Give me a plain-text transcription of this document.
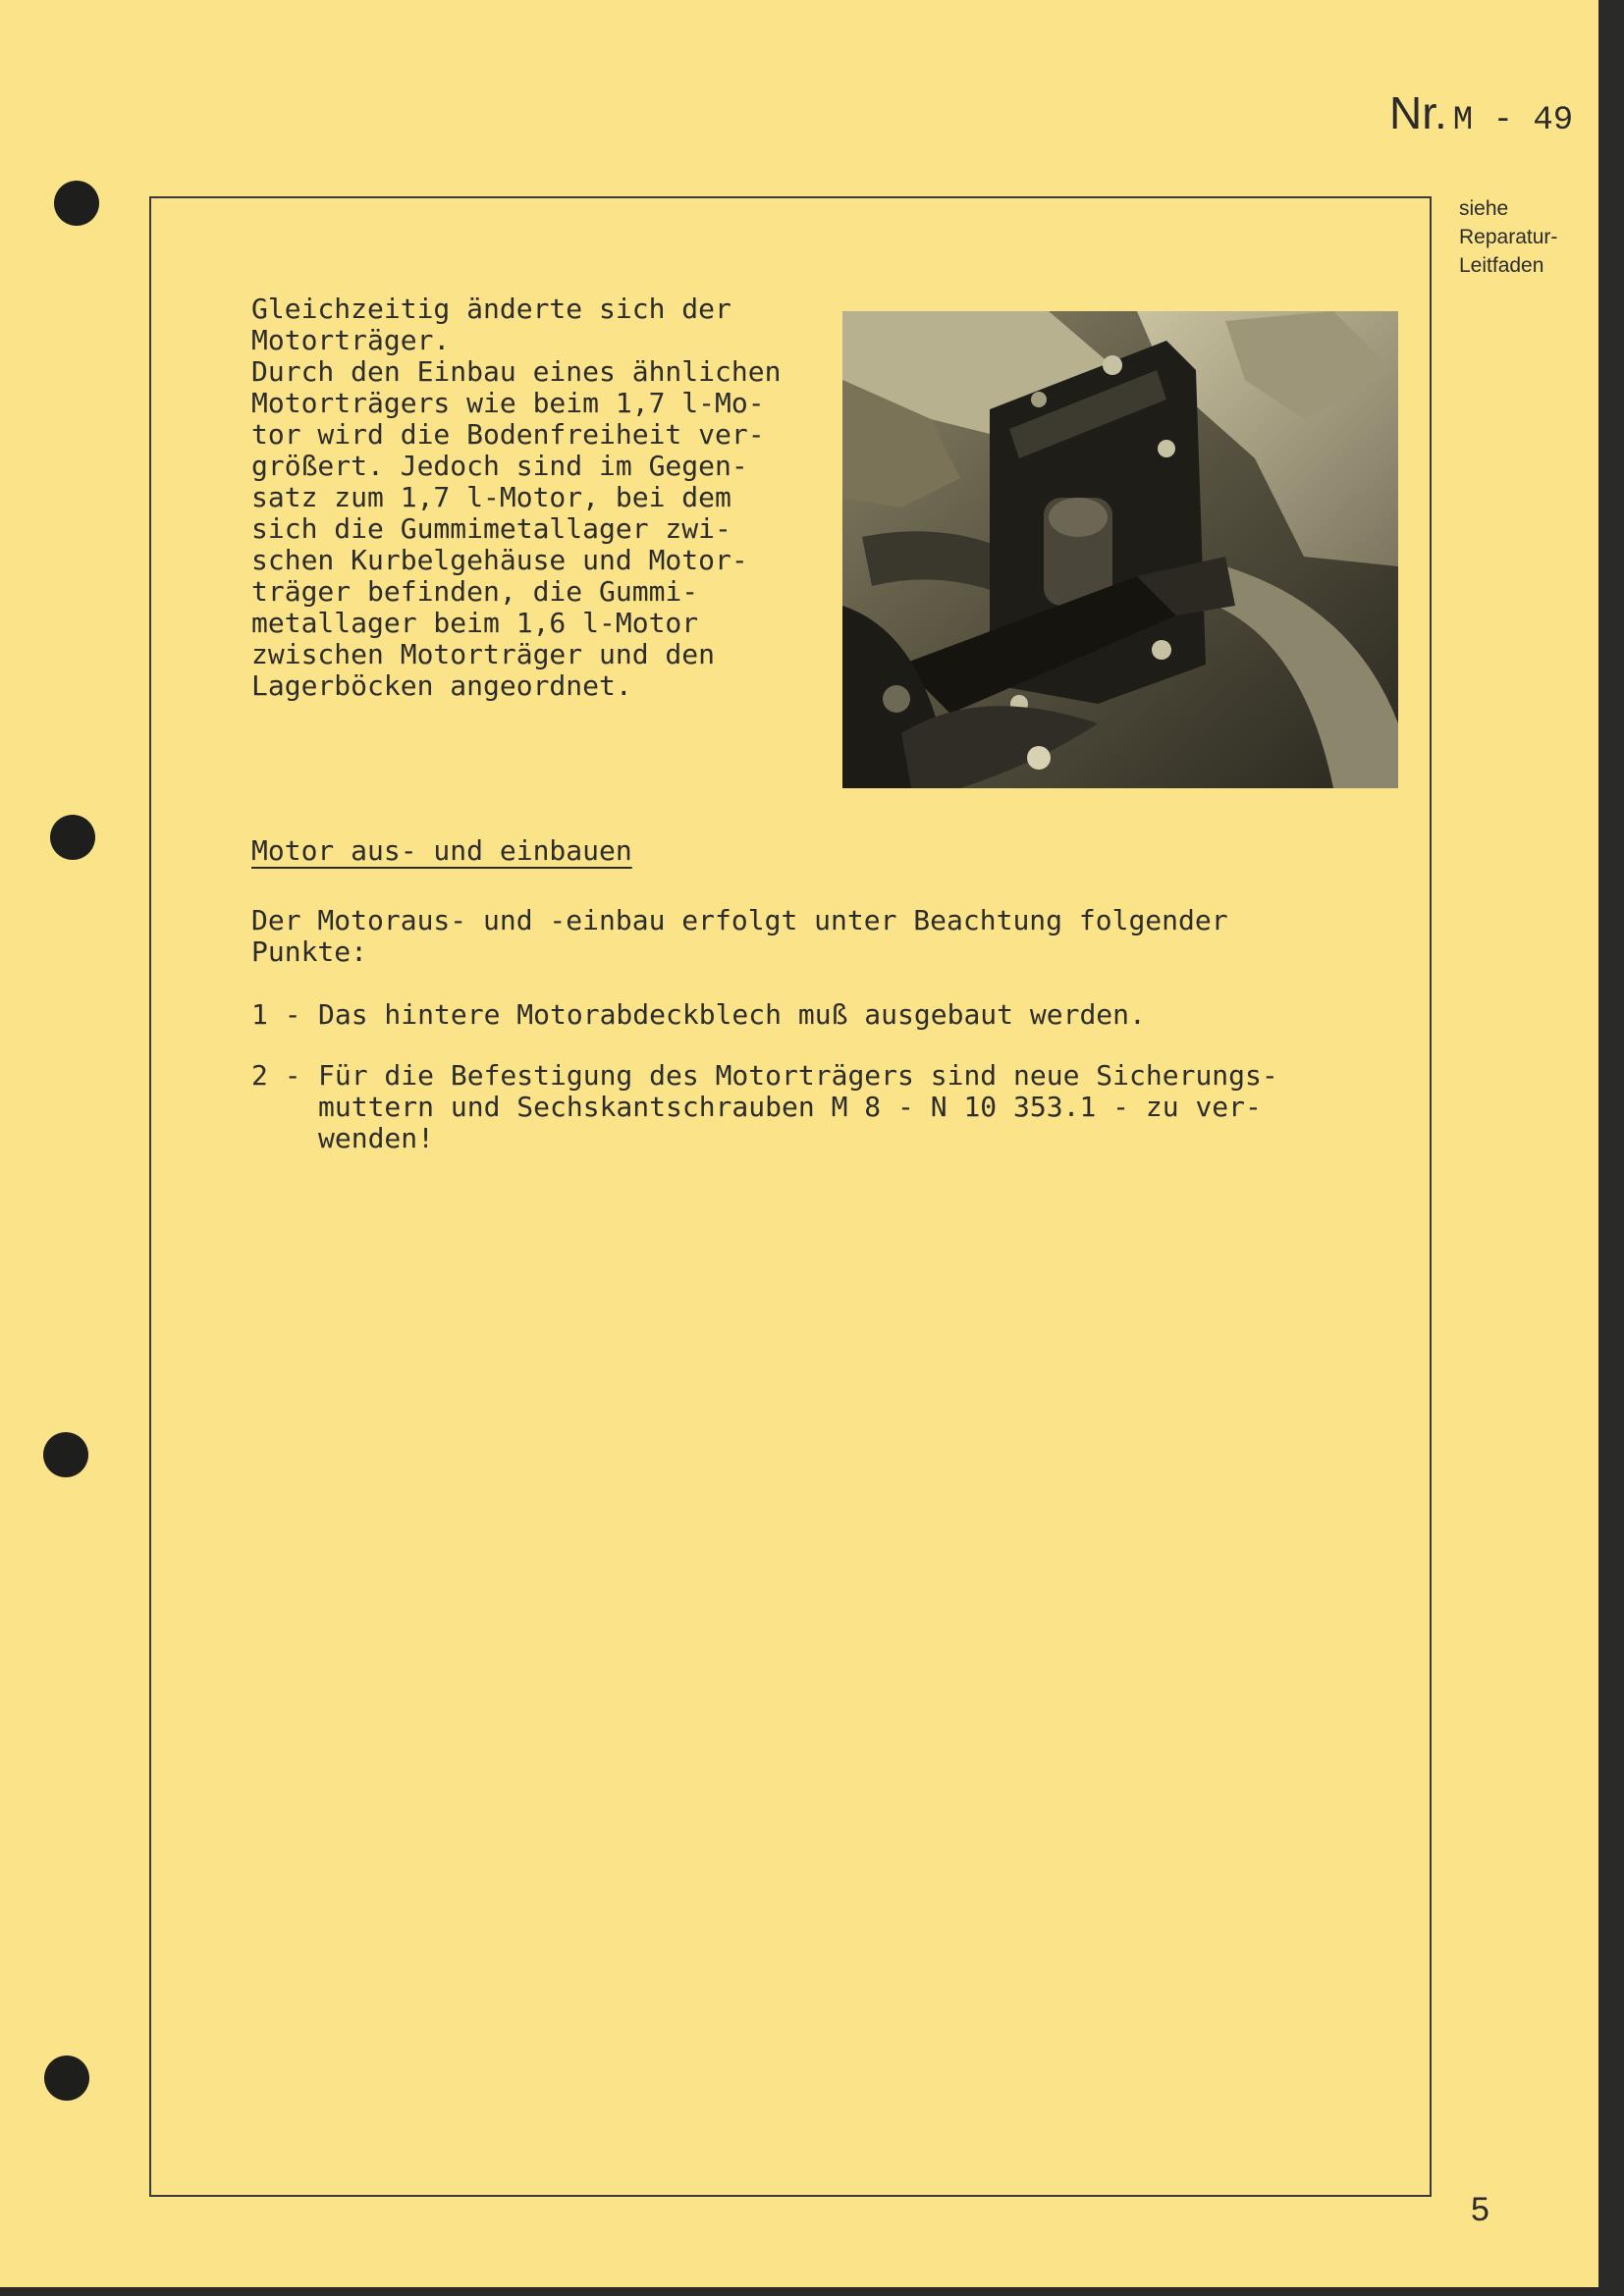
Nr. M - 49
siehe
Reparatur-
Leitfaden
Gleichzeitig änderte sich der
Motorträger.
Durch den Einbau eines ähnlichen
Motorträgers wie beim 1,7 l-Mo-
tor wird die Bodenfreiheit ver-
größert. Jedoch sind im Gegen-
satz zum 1,7 l-Motor, bei dem
sich die Gummimetallager zwi-
schen Kurbelgehäuse und Motor-
träger befinden, die Gummi-
metallager beim 1,6 l-Motor
zwischen Motorträger und den
Lagerböcken angeordnet.
Motor aus- und einbauen
Der Motoraus- und -einbau erfolgt unter Beachtung folgender
Punkte:
1 - Das hintere Motorabdeckblech muß ausgebaut werden.
2 - Für die Befestigung des Motorträgers sind neue Sicherungs-
muttern und Sechskantschrauben M 8 - N 10 353.1 - zu ver-
wenden!
5
